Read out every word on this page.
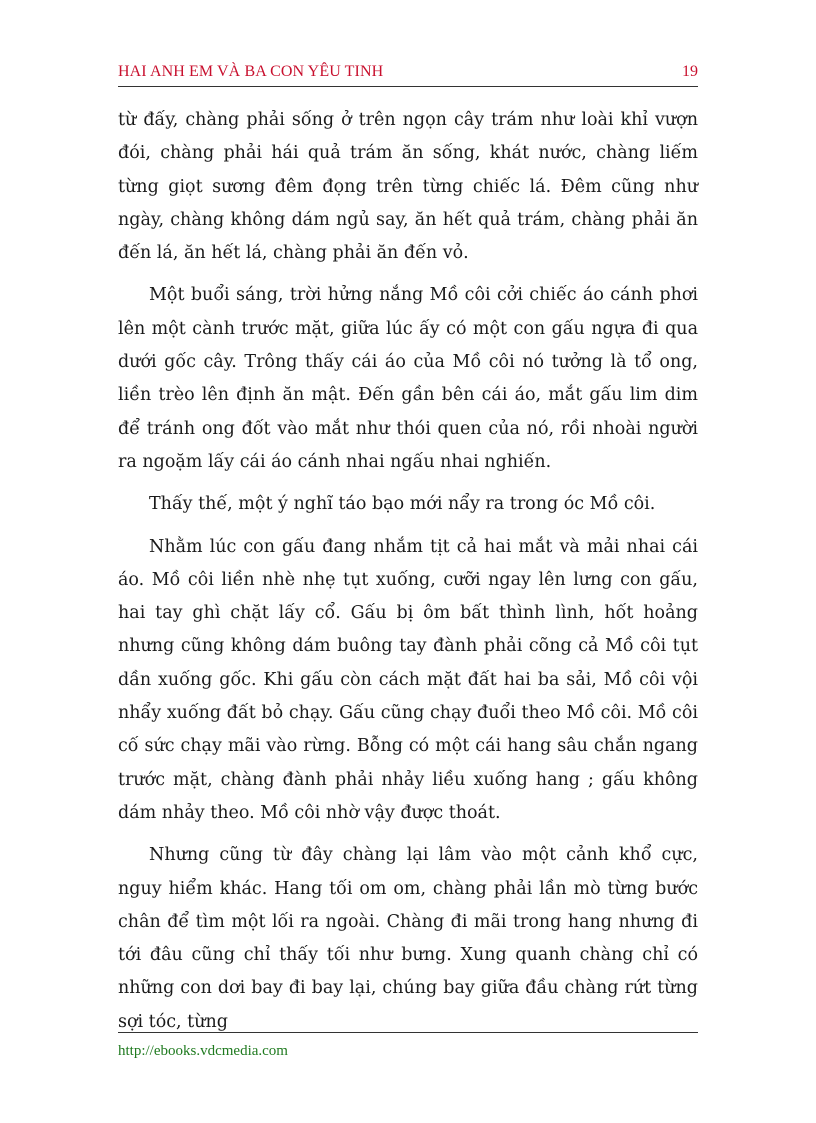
HAI ANH EM VÀ BA CON YÊU TINH	19

từ đấy, chàng phải sống ở trên ngọn cây trám như loài khỉ vượn đói, chàng phải hái quả trám ăn sống, khát nước, chàng liếm từng giọt sương đêm đọng trên từng chiếc lá. Đêm cũng như ngày, chàng không dám ngủ say, ăn hết quả trám, chàng phải ăn đến lá, ăn hết lá, chàng phải ăn đến vỏ.

Một buổi sáng, trời hửng nắng Mồ côi cởi chiếc áo cánh phơi lên một cành trước mặt, giữa lúc ấy có một con gấu ngựa đi qua dưới gốc cây. Trông thấy cái áo của Mồ côi nó tưởng là tổ ong, liền trèo lên định ăn mật. Đến gần bên cái áo, mắt gấu lim dim để tránh ong đốt vào mắt như thói quen của nó, rồi nhoài người ra ngoặm lấy cái áo cánh nhai ngấu nhai nghiến.

Thấy thế, một ý nghĩ táo bạo mới nẩy ra trong óc Mồ côi.

Nhằm lúc con gấu đang nhắm tịt cả hai mắt và mải nhai cái áo. Mồ côi liền nhè nhẹ tụt xuống, cưỡi ngay lên lưng con gấu, hai tay ghì chặt lấy cổ. Gấu bị ôm bất thình lình, hốt hoảng nhưng cũng không dám buông tay đành phải cõng cả Mồ côi tụt dần xuống gốc. Khi gấu còn cách mặt đất hai ba sải, Mồ côi vội nhẩy xuống đất bỏ chạy. Gấu cũng chạy đuổi theo Mồ côi. Mồ côi cố sức chạy mãi vào rừng. Bỗng có một cái hang sâu chắn ngang trước mặt, chàng đành phải nhảy liều xuống hang ; gấu không dám nhảy theo. Mồ côi nhờ vậy được thoát.

Nhưng cũng từ đây chàng lại lâm vào một cảnh khổ cực, nguy hiểm khác. Hang tối om om, chàng phải lần mò từng bước chân để tìm một lối ra ngoài. Chàng đi mãi trong hang nhưng đi tới đâu cũng chỉ thấy tối như bưng. Xung quanh chàng chỉ có những con dơi bay đi bay lại, chúng bay giữa đầu chàng rứt từng sợi tóc, từng

http://ebooks.vdcmedia.com
